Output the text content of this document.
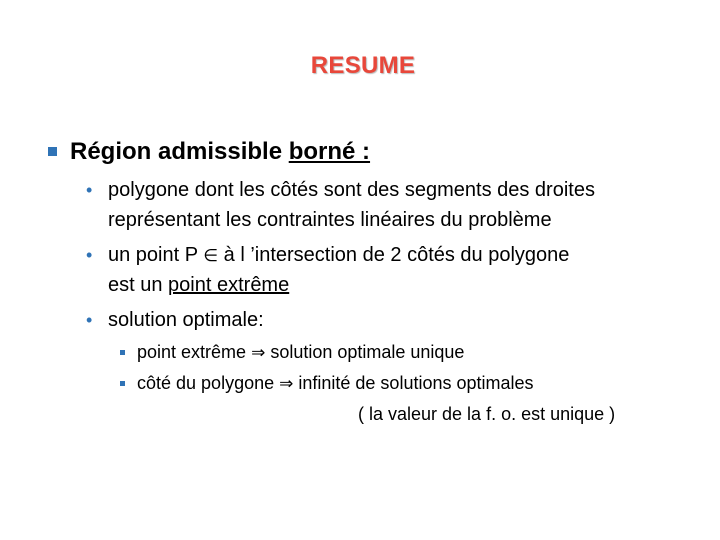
RESUME
Région admissible borné :
• polygone dont les côtés sont des segments des droites
représentant les contraintes linéaires du problème
• un point P ∈ à l ’intersection de 2 côtés du polygone
est un point extrême
• solution optimale:
point extrême ⇒ solution optimale unique
côté du polygone ⇒ infinité de solutions optimales
( la valeur de la f. o. est unique )
